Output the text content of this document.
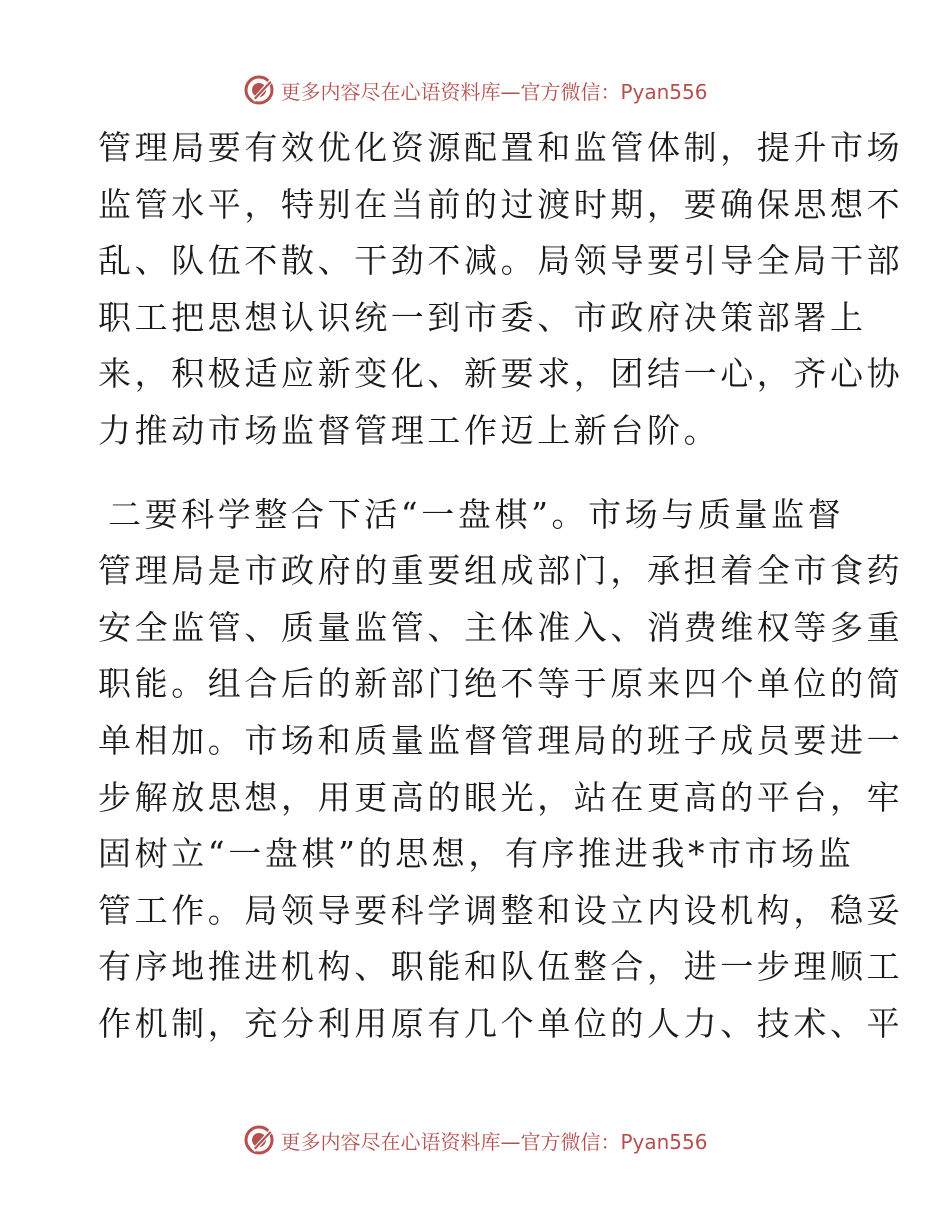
更多内容尽在心语资料库—官方微信：Pyan556
管理局要有效优化资源配置和监管体制，提升市场
监管水平，特别在当前的过渡时期，要确保思想不
乱、队伍不散、干劲不减。局领导要引导全局干部
职工把思想认识统一到市委、市政府决策部署上
来，积极适应新变化、新要求，团结一心，齐心协
力推动市场监督管理工作迈上新台阶。
二要科学整合下活“一盘棋”。市场与质量监督
管理局是市政府的重要组成部门，承担着全市食药
安全监管、质量监管、主体准入、消费维权等多重
职能。组合后的新部门绝不等于原来四个单位的简
单相加。市场和质量监督管理局的班子成员要进一
步解放思想，用更高的眼光，站在更高的平台，牢
固树立“一盘棋”的思想，有序推进我*市市场监
管工作。局领导要科学调整和设立内设机构，稳妥
有序地推进机构、职能和队伍整合，进一步理顺工
作机制，充分利用原有几个单位的人力、技术、平
更多内容尽在心语资料库—官方微信：Pyan556
